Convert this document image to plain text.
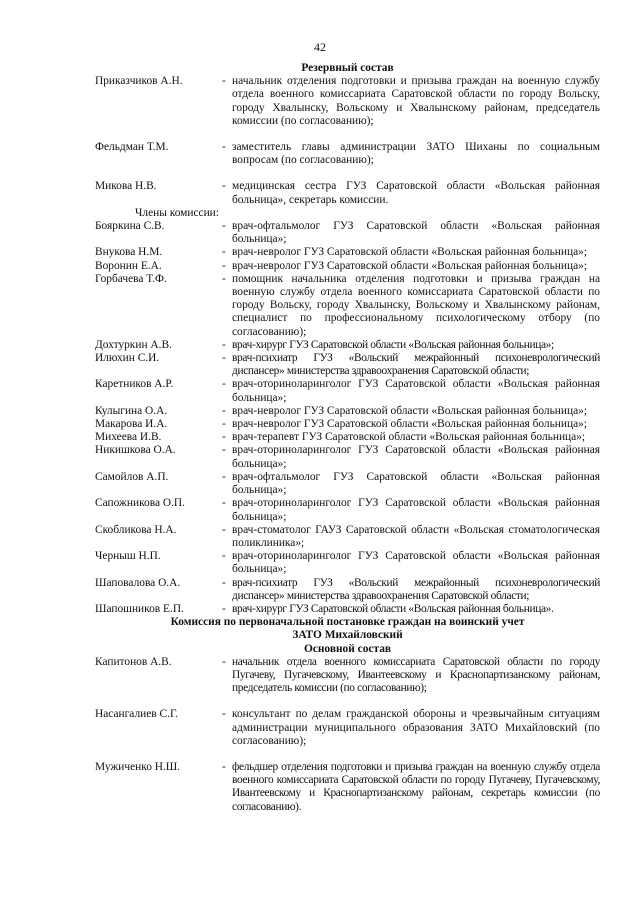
42
Резервный состав
Приказчиков А.Н.	- начальник отделения подготовки и призыва граждан на военную службу отдела военного комиссариата Саратовской области по городу Вольску, городу Хвалынску, Вольскому и Хвалынскому районам, председатель комиссии (по согласованию);
Фельдман Т.М.	- заместитель главы администрации ЗАТО Шиханы по социальным вопросам (по согласованию);
Микова Н.В.	- медицинская сестра ГУЗ Саратовской области «Вольская районная больница», секретарь комиссии.
Члены комиссии:
Бояркина С.В.	- врач-офтальмолог ГУЗ Саратовской области «Вольская районная больница»;
Внукова Н.М.	- врач-невролог ГУЗ Саратовской области «Вольская районная больница»;
Воронин Е.А.	- врач-невролог ГУЗ Саратовской области «Вольская районная больница»;
Горбачева Т.Ф.	- помощник начальника отделения подготовки и призыва граждан на военную службу отдела военного комиссариата Саратовской области по городу Вольску, городу Хвалынску, Вольскому и Хвалынскому районам, специалист по профессиональному психологическому отбору (по согласованию);
Дохтуркин А.В.	- врач-хирург ГУЗ Саратовской области «Вольская районная больница»;
Илюхин С.И.	- врач-психиатр ГУЗ «Вольский межрайонный психоневрологический диспансер» министерства здравоохранения Саратовской области;
Каретников А.Р.	- врач-оториноларинголог ГУЗ Саратовской области «Вольская районная больница»;
Кулыгина О.А.	- врач-невролог ГУЗ Саратовской области «Вольская районная больница»;
Макарова И.А.	- врач-невролог ГУЗ Саратовской области «Вольская районная больница»;
Михеева И.В.	- врач-терапевт ГУЗ Саратовской области «Вольская районная больница»;
Никишкова О.А.	- врач-оториноларинголог ГУЗ Саратовской области «Вольская районная больница»;
Самойлов А.П.	- врач-офтальмолог ГУЗ Саратовской области «Вольская районная больница»;
Сапожникова О.П.	- врач-оториноларинголог ГУЗ Саратовской области «Вольская районная больница»;
Скобликова Н.А.	- врач-стоматолог ГАУЗ Саратовской области «Вольская стоматологическая поликлиника»;
Черныш Н.П.	- врач-оториноларинголог ГУЗ Саратовской области «Вольская районная больница»;
Шаповалова О.А.	- врач-психиатр ГУЗ «Вольский межрайонный психоневрологический диспансер» министерства здравоохранения Саратовской области;
Шапошников Е.П.	- врач-хирург ГУЗ Саратовской области «Вольская районная больница».
Комиссия по первоначальной постановке граждан на воинский учет
ЗАТО Михайловский
Основной состав
Капитонов А.В.	- начальник отдела военного комиссариата Саратовской области по городу Пугачеву, Пугачевскому, Ивантеевскому и Краснопартизанскому районам, председатель комиссии (по согласованию);
Насангалиев С.Г.	- консультант по делам гражданской обороны и чрезвычайным ситуациям администрации муниципального образования ЗАТО Михайловский (по согласованию);
Мужиченко Н.Ш.	- фельдшер отделения подготовки и призыва граждан на военную службу отдела военного комиссариата Саратовской области по городу Пугачеву, Пугачевскому, Ивантеевскому и Краснопартизанскому районам, секретарь комиссии (по согласованию).
